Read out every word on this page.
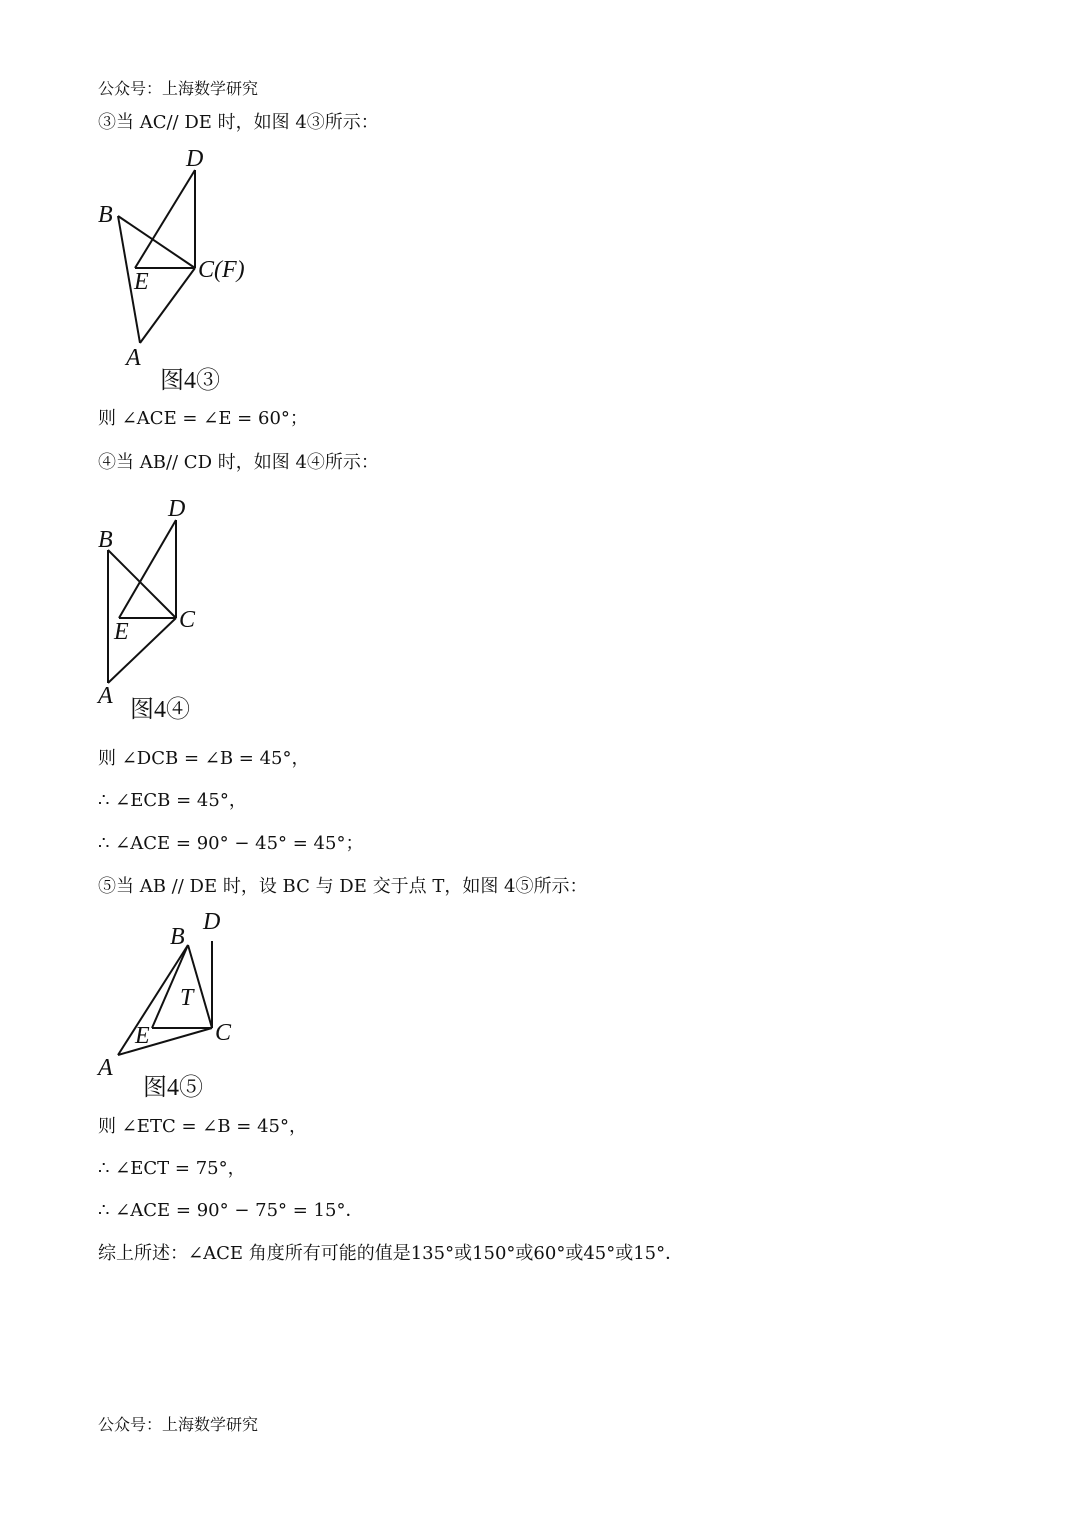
公众号：上海数学研究
③当 AC// DE 时，如图 4③所示：
D
B
E C(F)
A
图4③
则 ∠ACE = ∠E = 60°；
④当 AB// CD 时，如图 4④所示：
D
B
E C
A
图4④
则 ∠DCB = ∠B = 45°，
∴ ∠ECB = 45°，
∴ ∠ACE = 90° − 45° = 45°；
⑤当 AB // DE 时，设 BC 与 DE 交于点 T，如图 4⑤所示：
B
D
T
E	C
A
图4⑤
则 ∠ETC = ∠B = 45°，
∴ ∠ECT = 75°，
∴ ∠ACE = 90° − 75° = 15°．
综上所述：∠ACE 角度所有可能的值是135°或150°或60°或45°或15°．
公众号：上海数学研究
